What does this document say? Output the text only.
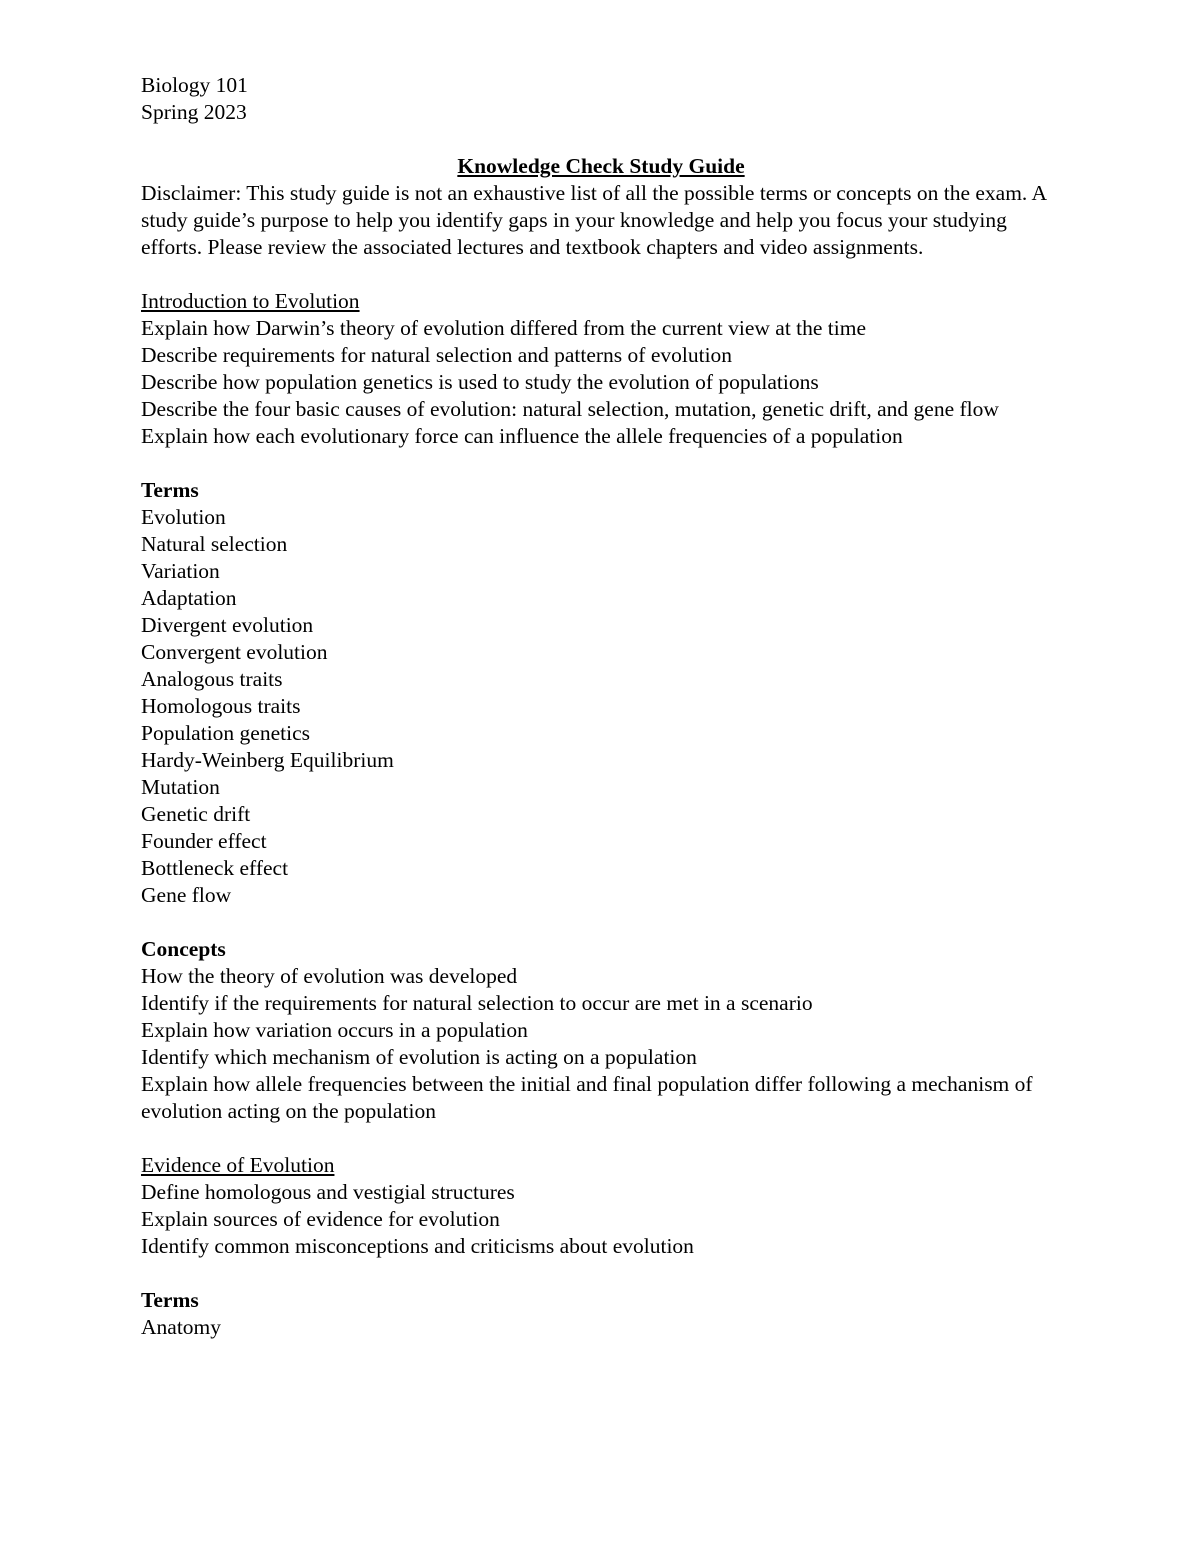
Biology 101
Spring 2023
Knowledge Check Study Guide
Disclaimer: This study guide is not an exhaustive list of all the possible terms or concepts on the exam. A study guide’s purpose to help you identify gaps in your knowledge and help you focus your studying efforts. Please review the associated lectures and textbook chapters and video assignments.
Introduction to Evolution
Explain how Darwin’s theory of evolution differed from the current view at the time
Describe requirements for natural selection and patterns of evolution
Describe how population genetics is used to study the evolution of populations
Describe the four basic causes of evolution: natural selection, mutation, genetic drift, and gene flow
Explain how each evolutionary force can influence the allele frequencies of a population
Terms
Evolution
Natural selection
Variation
Adaptation
Divergent evolution
Convergent evolution
Analogous traits
Homologous traits
Population genetics
Hardy-Weinberg Equilibrium
Mutation
Genetic drift
Founder effect
Bottleneck effect
Gene flow
Concepts
How the theory of evolution was developed
Identify if the requirements for natural selection to occur are met in a scenario
Explain how variation occurs in a population
Identify which mechanism of evolution is acting on a population
Explain how allele frequencies between the initial and final population differ following a mechanism of evolution acting on the population
Evidence of Evolution
Define homologous and vestigial structures
Explain sources of evidence for evolution
Identify common misconceptions and criticisms about evolution
Terms
Anatomy
